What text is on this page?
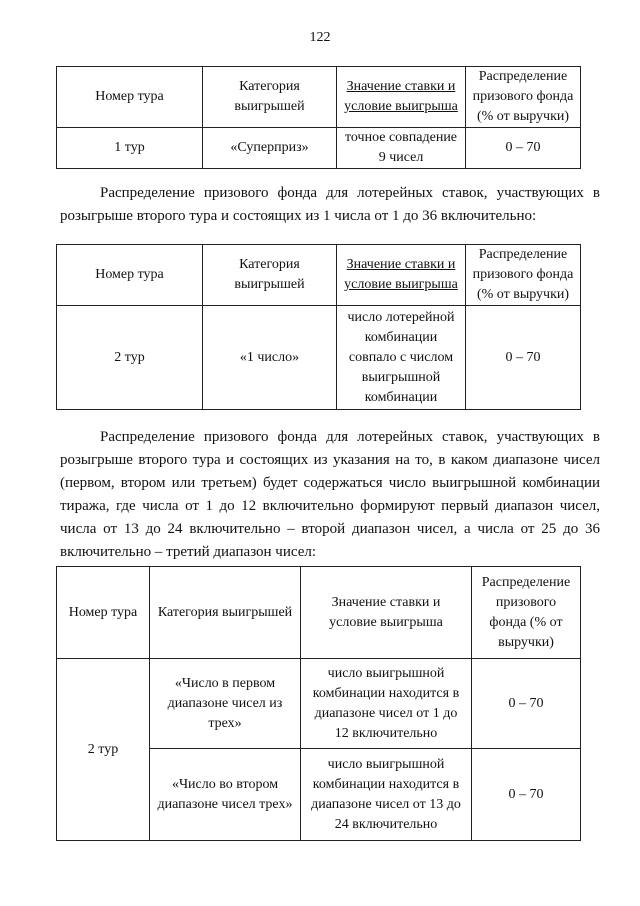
122
Номер тура	Категория выигрышей	Значение ставки и условие выигрыша	Распределение призового фонда (% от выручки)
1 тур	«Суперприз»	точное совпадение 9 чисел	0 – 70
Распределение призового фонда для лотерейных ставок, участвующих в розыгрыше второго тура и состоящих из 1 числа от 1 до 36 включительно:
Номер тура	Категория выигрышей	Значение ставки и условие выигрыша	Распределение призового фонда (% от выручки)
2 тур	«1 число»	число лотерейной комбинации совпало с числом выигрышной комбинации	0 – 70
Распределение призового фонда для лотерейных ставок, участвующих в розыгрыше второго тура и состоящих из указания на то, в каком диапазоне чисел (первом, втором или третьем) будет содержаться число выигрышной комбинации тиража, где числа от 1 до 12 включительно формируют первый диапазон чисел, числа от 13 до 24 включительно – второй диапазон чисел, а числа от 25 до 36 включительно – третий диапазон чисел:
Номер тура	Категория выигрышей	Значение ставки и условие выигрыша	Распределение призового фонда (% от выручки)
2 тур	«Число в первом диапазоне чисел из трех»	число выигрышной комбинации находится в диапазоне чисел от 1 до 12 включительно	0 – 70
	«Число во втором диапазоне чисел трех»	число выигрышной комбинации находится в диапазоне чисел от 13 до 24 включительно	0 – 70
